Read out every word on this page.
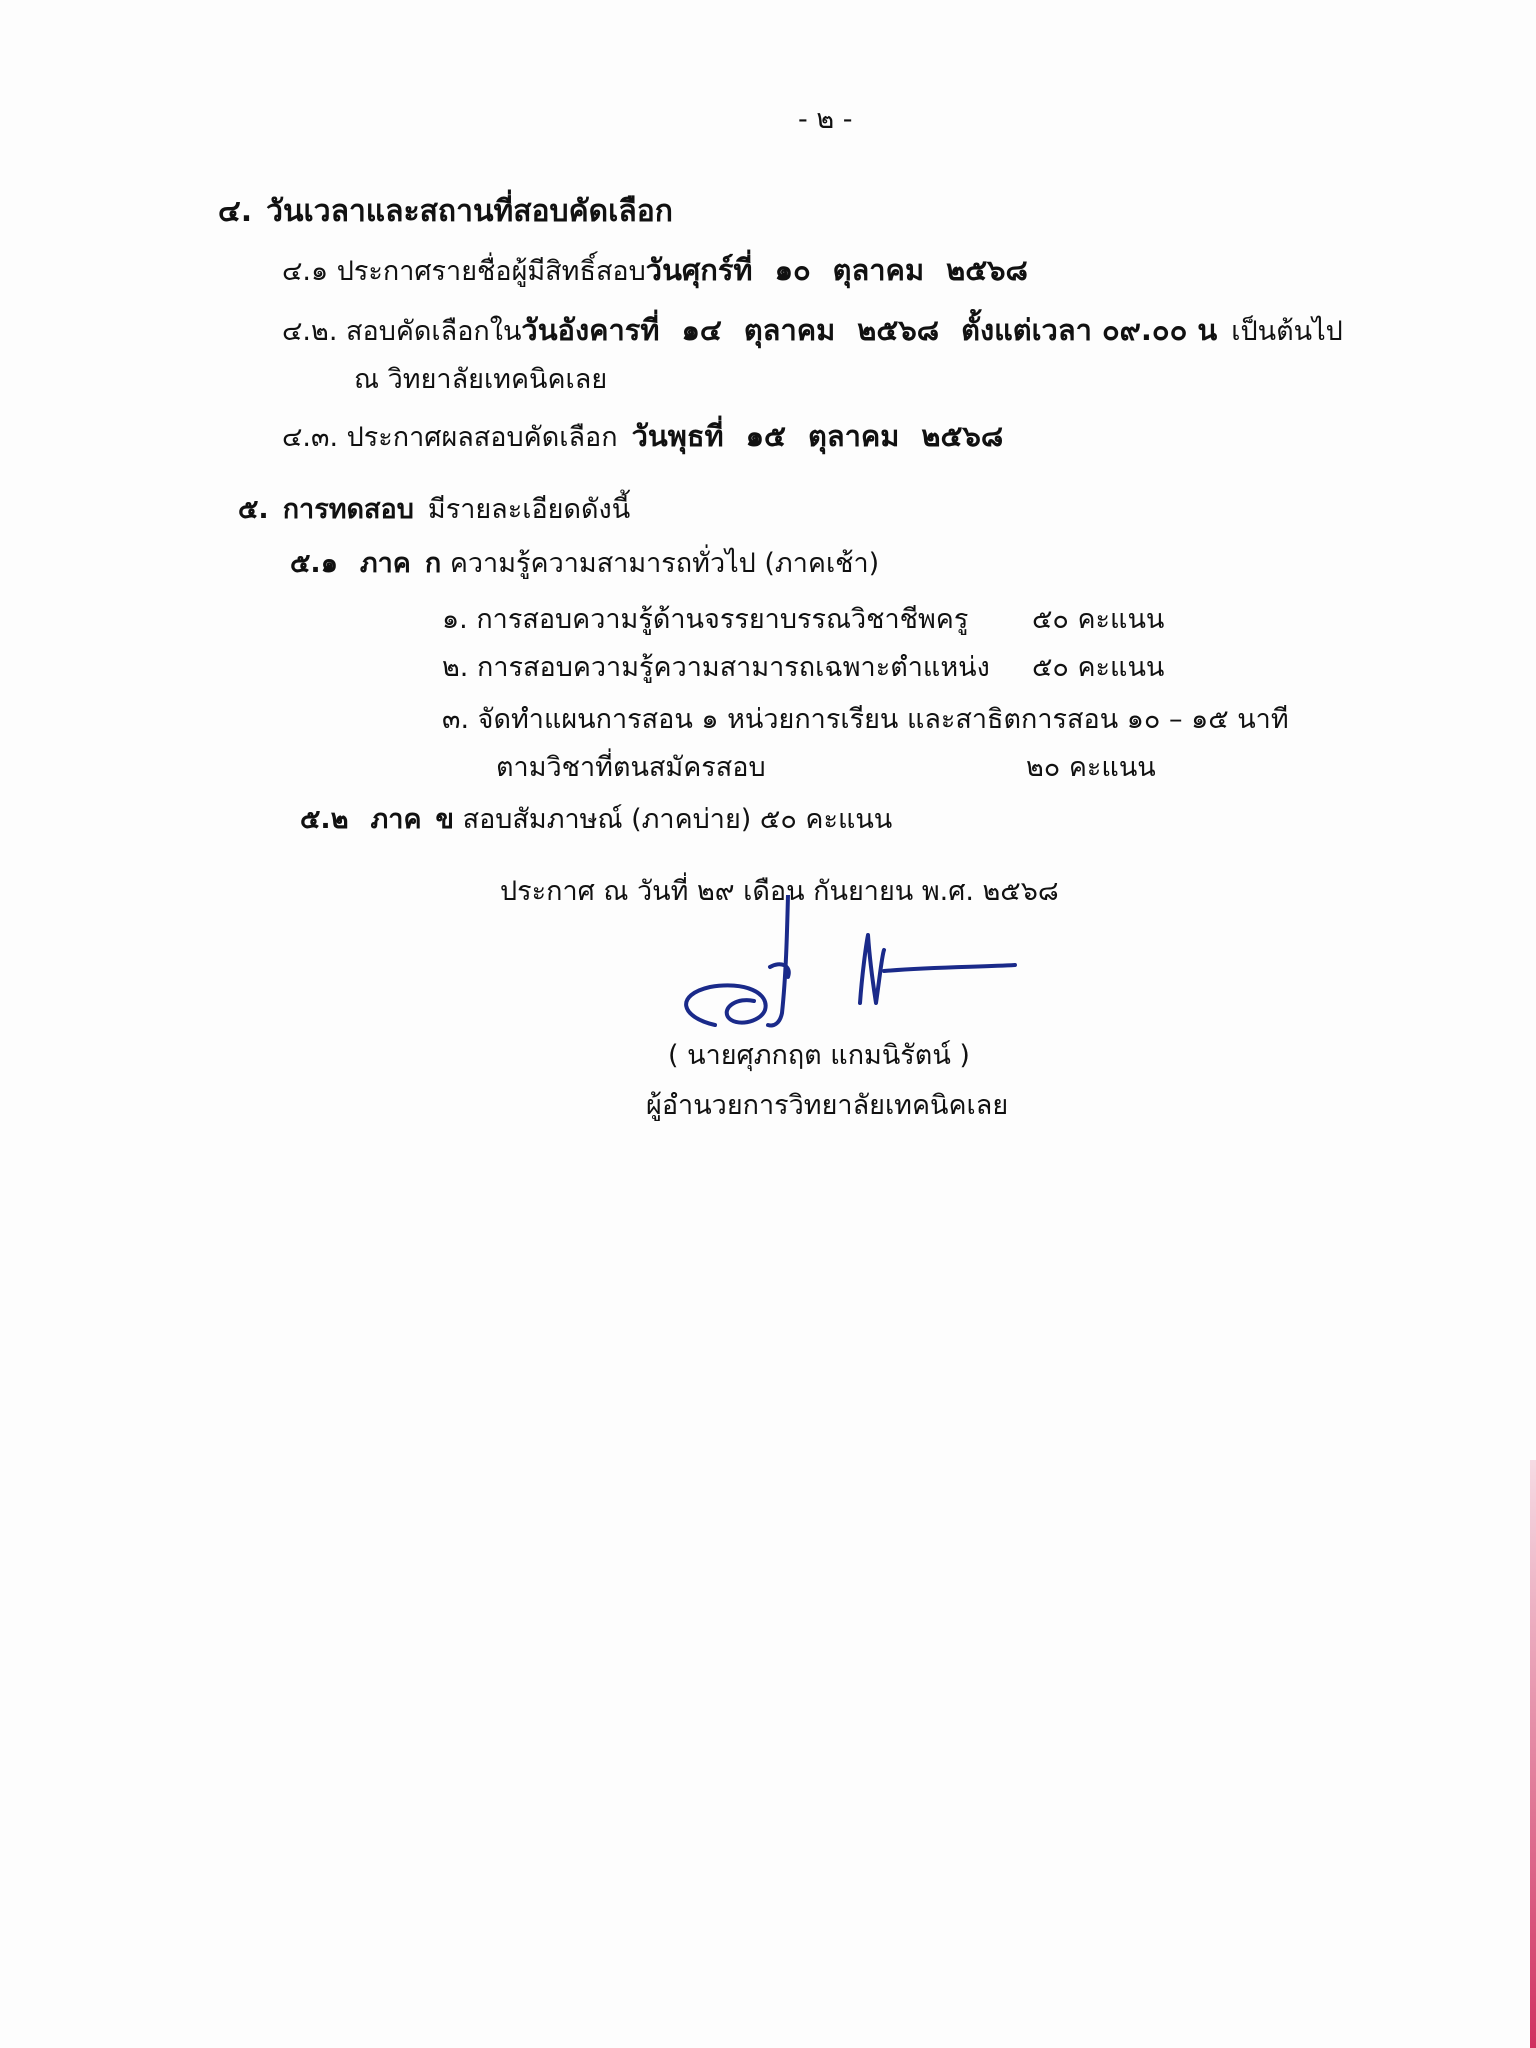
- ๒ -
๔. วันเวลาและสถานที่สอบคัดเลือก
๔.๑ ประกาศรายชื่อผู้มีสิทธิ์สอบวันศุกร์ที่ ๑๐ ตุลาคม ๒๕๖๘
๔.๒. สอบคัดเลือกในวันอังคารที่ ๑๔ ตุลาคม ๒๕๖๘ ตั้งแต่เวลา ๐๙.๐๐ น เป็นต้นไป
ณ วิทยาลัยเทคนิคเลย
๔.๓. ประกาศผลสอบคัดเลือก วันพุธที่ ๑๕ ตุลาคม ๒๕๖๘
๕. การทดสอบ มีรายละเอียดดังนี้
๕.๑ ภาค ก ความรู้ความสามารถทั่วไป (ภาคเช้า)
๑. การสอบความรู้ด้านจรรยาบรรณวิชาชีพครู ๕๐ คะแนน
๒. การสอบความรู้ความสามารถเฉพาะตำแหน่ง ๕๐ คะแนน
๓. จัดทำแผนการสอน ๑ หน่วยการเรียน และสาธิตการสอน ๑๐ – ๑๕ นาที
ตามวิชาที่ตนสมัครสอบ	๒๐ คะแนน
๕.๒ ภาค ข สอบสัมภาษณ์ (ภาคบ่าย) ๕๐ คะแนน
ประกาศ ณ วันที่ ๒๙ เดือน กันยายน พ.ศ. ๒๕๖๘
( นายศุภกฤต แกมนิรัตน์ )
ผู้อำนวยการวิทยาลัยเทคนิคเลย
